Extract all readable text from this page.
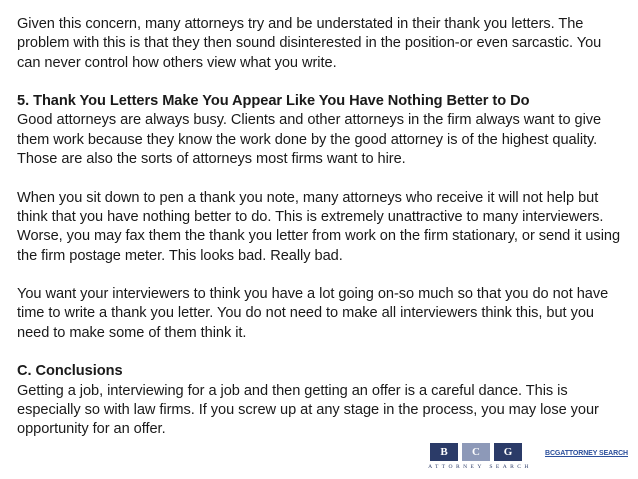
Given this concern, many attorneys try and be understated in their thank you letters. The problem with this is that they then sound disinterested in the position-or even sarcastic. You can never control how others view what you write.

5. Thank You Letters Make You Appear Like You Have Nothing Better to Do
Good attorneys are always busy. Clients and other attorneys in the firm always want to give them work because they know the work done by the good attorney is of the highest quality. Those are also the sorts of attorneys most firms want to hire.

When you sit down to pen a thank you note, many attorneys who receive it will not help but think that you have nothing better to do. This is extremely unattractive to many interviewers. Worse, you may fax them the thank you letter from work on the firm stationary, or send it using the firm postage meter. This looks bad. Really bad.

You want your interviewers to think you have a lot going on-so much so that you do not have time to write a thank you letter. You do not need to make all interviewers think this, but you need to make some of them think it.

C. Conclusions
Getting a job, interviewing for a job and then getting an offer is a careful dance. This is especially so with law firms. If you screw up at any stage in the process, you may lose your opportunity for an offer.

B	C	G
ATTORNEY SEARCH
BCGATTORNEY SEARCH
